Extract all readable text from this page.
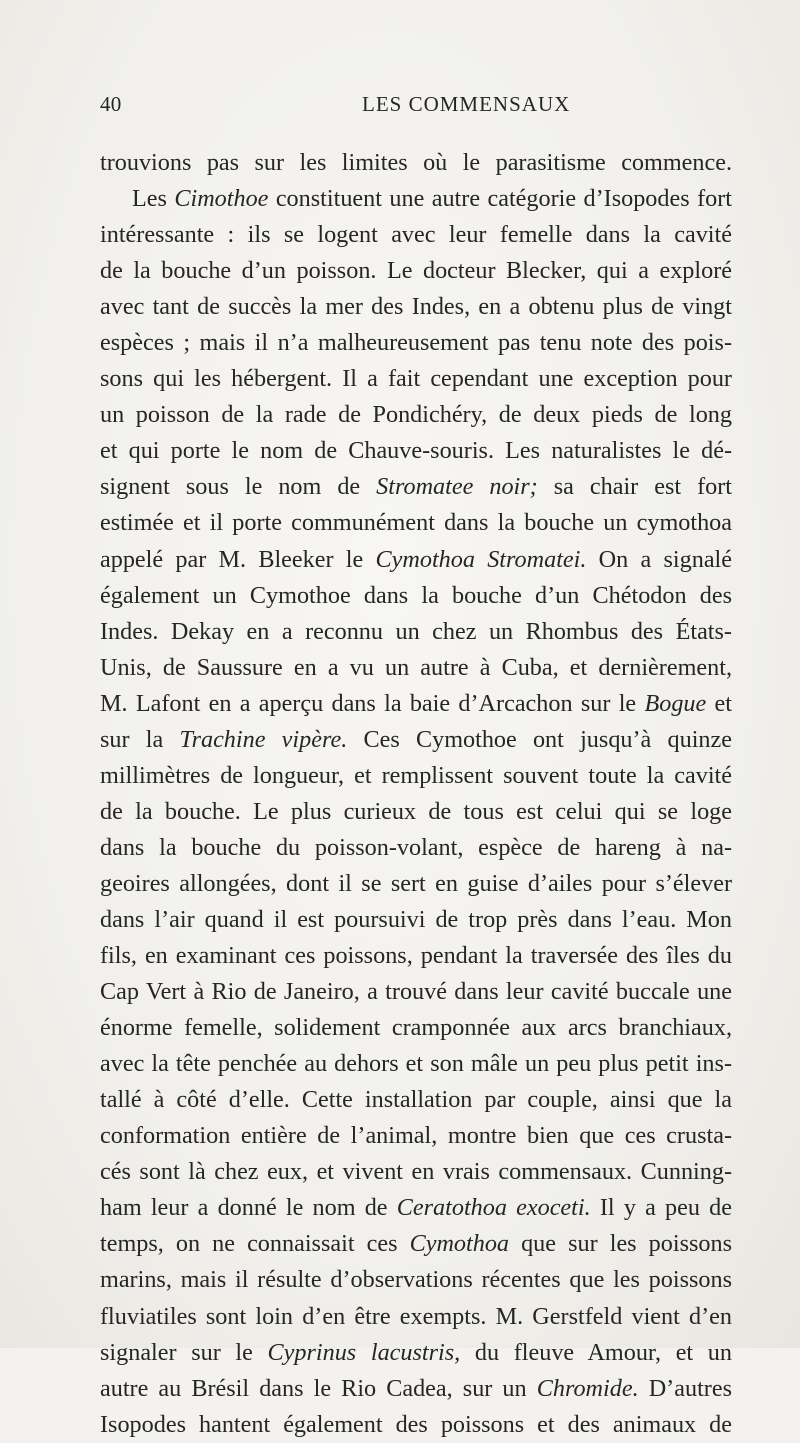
40	LES COMMENSAUX
trouvions pas sur les limites où le parasitisme commence.
Les Cimothoe constituent une autre catégorie d’Isopodes fort
intéressante : ils se logent avec leur femelle dans la cavité
de la bouche d’un poisson. Le docteur Blecker, qui a exploré
avec tant de succès la mer des Indes, en a obtenu plus de vingt
espèces ; mais il n’a malheureusement pas tenu note des pois-
sons qui les hébergent. Il a fait cependant une exception pour
un poisson de la rade de Pondichéry, de deux pieds de long
et qui porte le nom de Chauve-souris. Les naturalistes le dé-
signent sous le nom de Stromatee noir; sa chair est fort
estimée et il porte communément dans la bouche un cymothoa
appelé par M. Bleeker le Cymothoa Stromatei. On a signalé
également un Cymothoe dans la bouche d’un Chétodon des
Indes. Dekay en a reconnu un chez un Rhombus des États-
Unis, de Saussure en a vu un autre à Cuba, et dernièrement,
M. Lafont en a aperçu dans la baie d’Arcachon sur le Bogue et
sur la Trachine vipère. Ces Cymothoe ont jusqu’à quinze
millimètres de longueur, et remplissent souvent toute la cavité
de la bouche. Le plus curieux de tous est celui qui se loge
dans la bouche du poisson-volant, espèce de hareng à na-
geoires allongées, dont il se sert en guise d’ailes pour s’élever
dans l’air quand il est poursuivi de trop près dans l’eau. Mon
fils, en examinant ces poissons, pendant la traversée des îles du
Cap Vert à Rio de Janeiro, a trouvé dans leur cavité buccale une
énorme femelle, solidement cramponnée aux arcs branchiaux,
avec la tête penchée au dehors et son mâle un peu plus petit ins-
tallé à côté d’elle. Cette installation par couple, ainsi que la
conformation entière de l’animal, montre bien que ces crusta-
cés sont là chez eux, et vivent en vrais commensaux. Cunning-
ham leur a donné le nom de Ceratothoa exoceti. Il y a peu de
temps, on ne connaissait ces Cymothoa que sur les poissons
marins, mais il résulte d’observations récentes que les poissons
fluviatiles sont loin d’en être exempts. M. Gerstfeld vient d’en
signaler sur le Cyprinus lacustris, du fleuve Amour, et un
autre au Brésil dans le Rio Cadea, sur un Chromide. D’autres
Isopodes hantent également des poissons et des animaux de
